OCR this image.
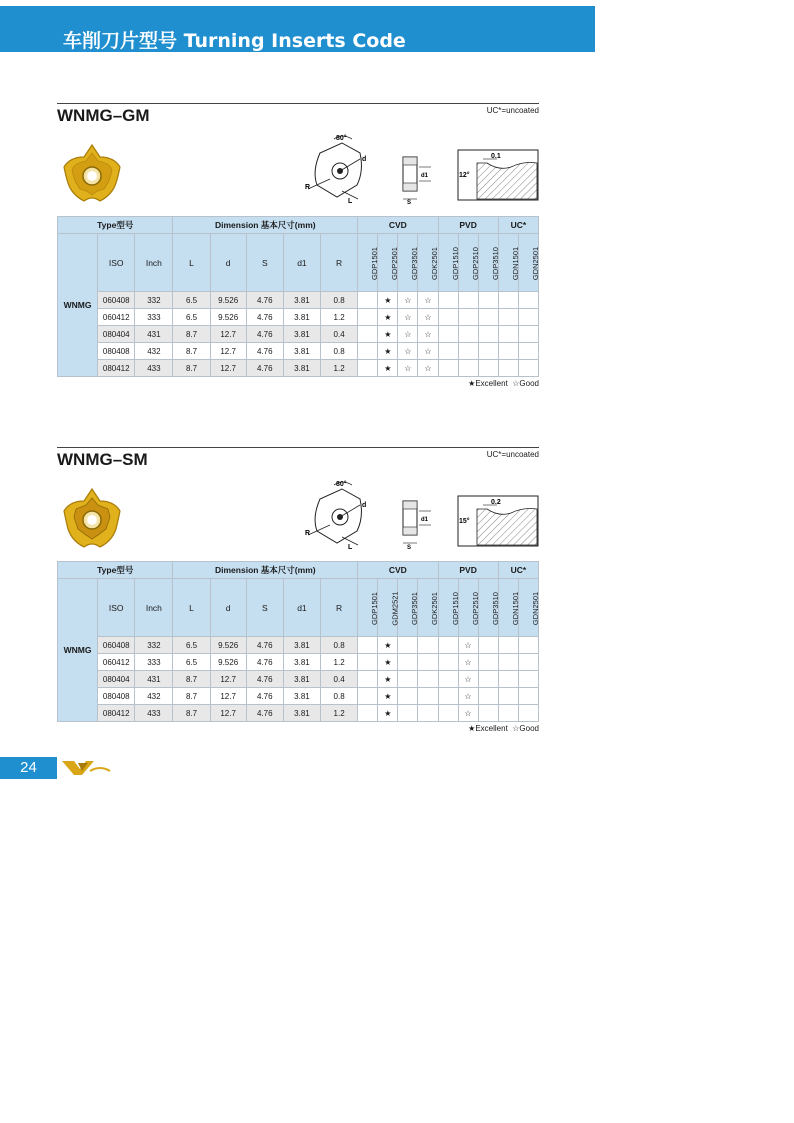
车削刀片型号 Turning Inserts Code
WNMG–GM	UC*=uncoated
80°
d
R
L
d1
S
0.1
12°
Type型号			Dimension 基本尺寸(mm)					CVD				PVD			UC*	
WNMG	ISO	Inch	L	d	S	d1	R	GDP1501	GDP2501	GDP3501	GDK2501	GDP1510	GDP2510	GDP3510	GDN1501	GDN2501
	060408	332	6.5	9.526	4.76	3.81	0.8		★	☆	☆					
	060412	333	6.5	9.526	4.76	3.81	1.2		★	☆	☆					
	080404	431	8.7	12.7	4.76	3.81	0.4		★	☆	☆					
	080408	432	8.7	12.7	4.76	3.81	0.8		★	☆	☆					
	080412	433	8.7	12.7	4.76	3.81	1.2		★	☆	☆					
★Excellent ☆Good
WNMG–SM	UC*=uncoated
80°
d
R
L
d1
S
0.2
15°
Type型号			Dimension 基本尺寸(mm)					CVD				PVD			UC*	
WNMG	ISO	Inch	L	d	S	d1	R	GDP1501	GDM2521	GDP3501	GDK2501	GDP1510	GDP2510	GDP3510	GDN1501	GDN2501
	060408	332	6.5	9.526	4.76	3.81	0.8		★				☆			
	060412	333	6.5	9.526	4.76	3.81	1.2		★				☆			
	080404	431	8.7	12.7	4.76	3.81	0.4		★				☆			
	080408	432	8.7	12.7	4.76	3.81	0.8		★				☆			
	080412	433	8.7	12.7	4.76	3.81	1.2		★				☆			
★Excellent ☆Good
24
